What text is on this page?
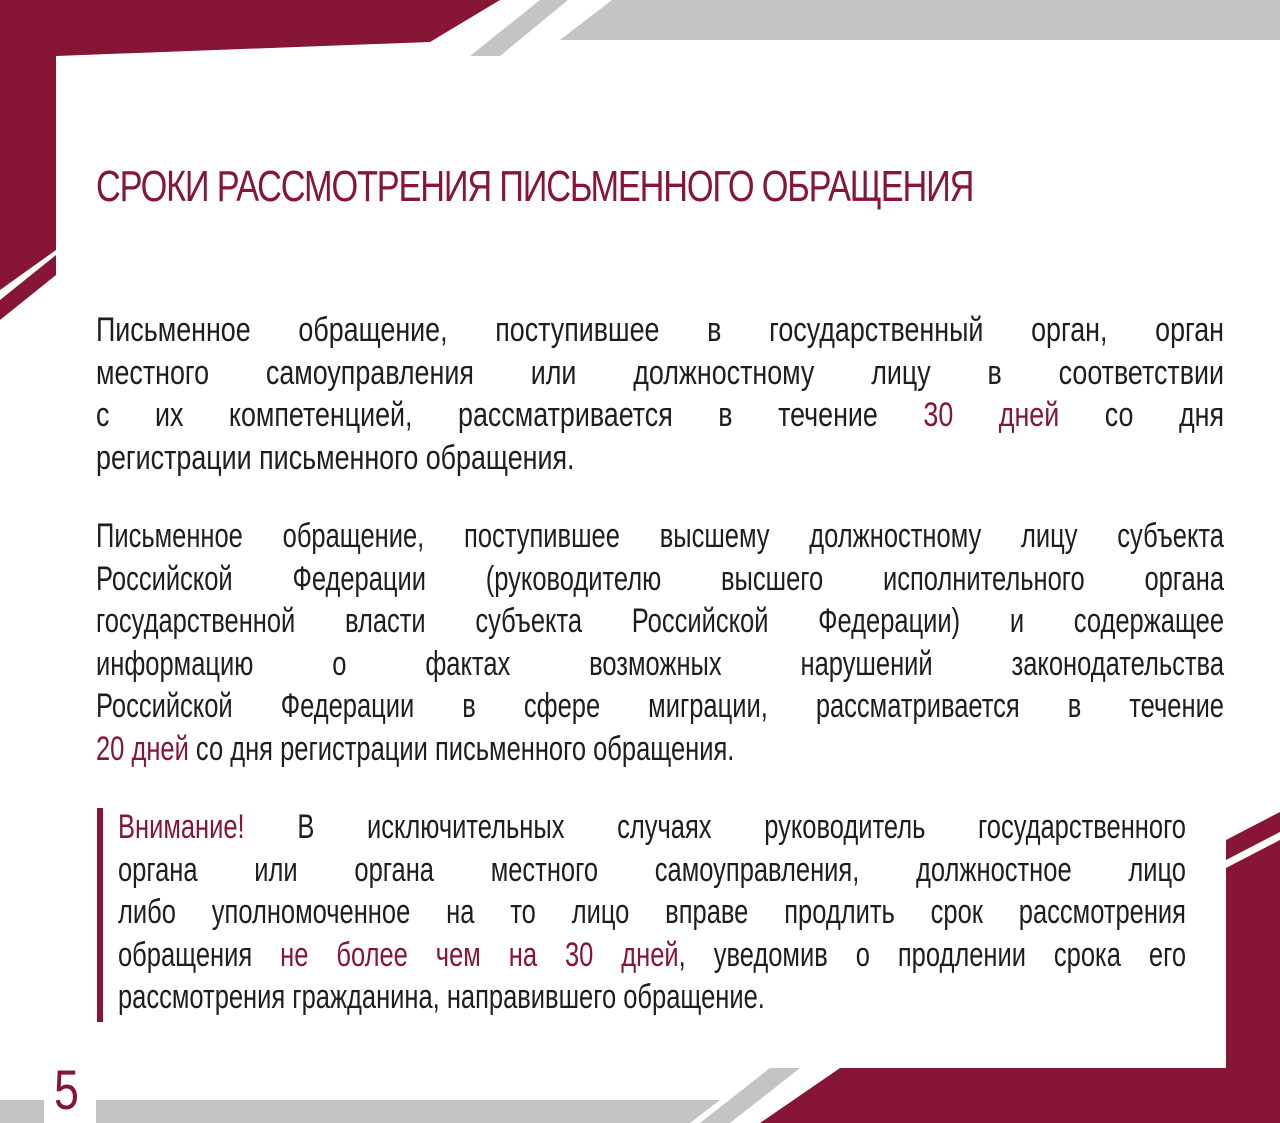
СРОКИ РАССМОТРЕНИЯ ПИСЬМЕННОГО ОБРАЩЕНИЯ
Письменное обращение, поступившее в государственный орган, орган
местного самоуправления или должностному лицу в соответствии
с их компетенцией, рассматривается в течение 30 дней со дня
регистрации письменного обращения.
Письменное обращение, поступившее высшему должностному лицу субъекта
Российской Федерации (руководителю высшего исполнительного органа
государственной власти субъекта Российской Федерации) и содержащее
информацию о фактах возможных нарушений законодательства
Российской Федерации в сфере миграции, рассматривается в течение
20 дней со дня регистрации письменного обращения.
Внимание! В исключительных случаях руководитель государственного
органа или органа местного самоуправления, должностное лицо
либо уполномоченное на то лицо вправе продлить срок рассмотрения
обращения не более чем на 30 дней, уведомив о продлении срока его
рассмотрения гражданина, направившего обращение.
5
